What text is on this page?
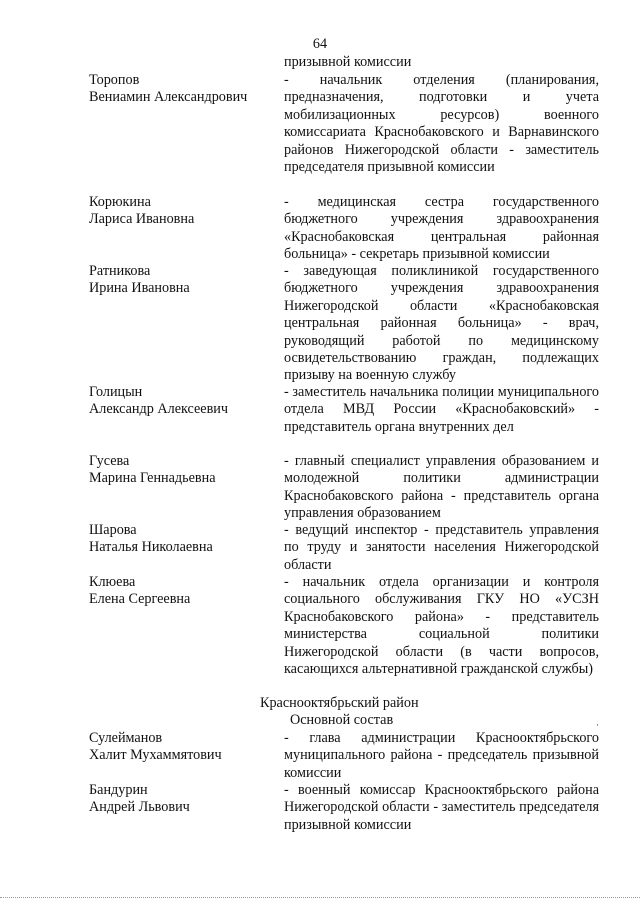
64
призывной комиссии
Торопов
Вениамин Александрович
- начальник отделения (планирования, предназначения, подготовки и учета мобилизационных ресурсов) военного комиссариата Краснобаковского и Варнавинского районов Нижегородской области - заместитель председателя призывной комиссии
Корюкина
Лариса Ивановна
- медицинская сестра государственного бюджетного учреждения здравоохранения «Краснобаковская центральная районная больница» - секретарь призывной комиссии
Ратникова
Ирина Ивановна
- заведующая поликлиникой государственного бюджетного учреждения здравоохранения Нижегородской области «Краснобаковская центральная районная больница» - врач, руководящий работой по медицинскому освидетельствованию граждан, подлежащих призыву на военную службу
Голицын
Александр Алексеевич
- заместитель начальника полиции муниципального отдела МВД России «Краснобаковский» - представитель органа внутренних дел
Гусева
Марина Геннадьевна
- главный специалист управления образованием и молодежной политики администрации Краснобаковского района - представитель органа управления образованием
Шарова
Наталья Николаевна
- ведущий инспектор - представитель управления по труду и занятости населения Нижегородской области
Клюева
Елена Сергеевна
- начальник отдела организации и контроля социального обслуживания ГКУ НО «УСЗН Краснобаковского района» - представитель министерства социальной политики Нижегородской области (в части вопросов, касающихся альтернативной гражданской службы)
Краснооктябрьский район
Основной состав	·
Сулейманов
Халит Мухаммятович
- глава администрации Краснооктябрьского муниципального района - председатель призывной комиссии
Бандурин
Андрей Львович
- военный комиссар Краснооктябрьского района Нижегородской области - заместитель председателя призывной комиссии
